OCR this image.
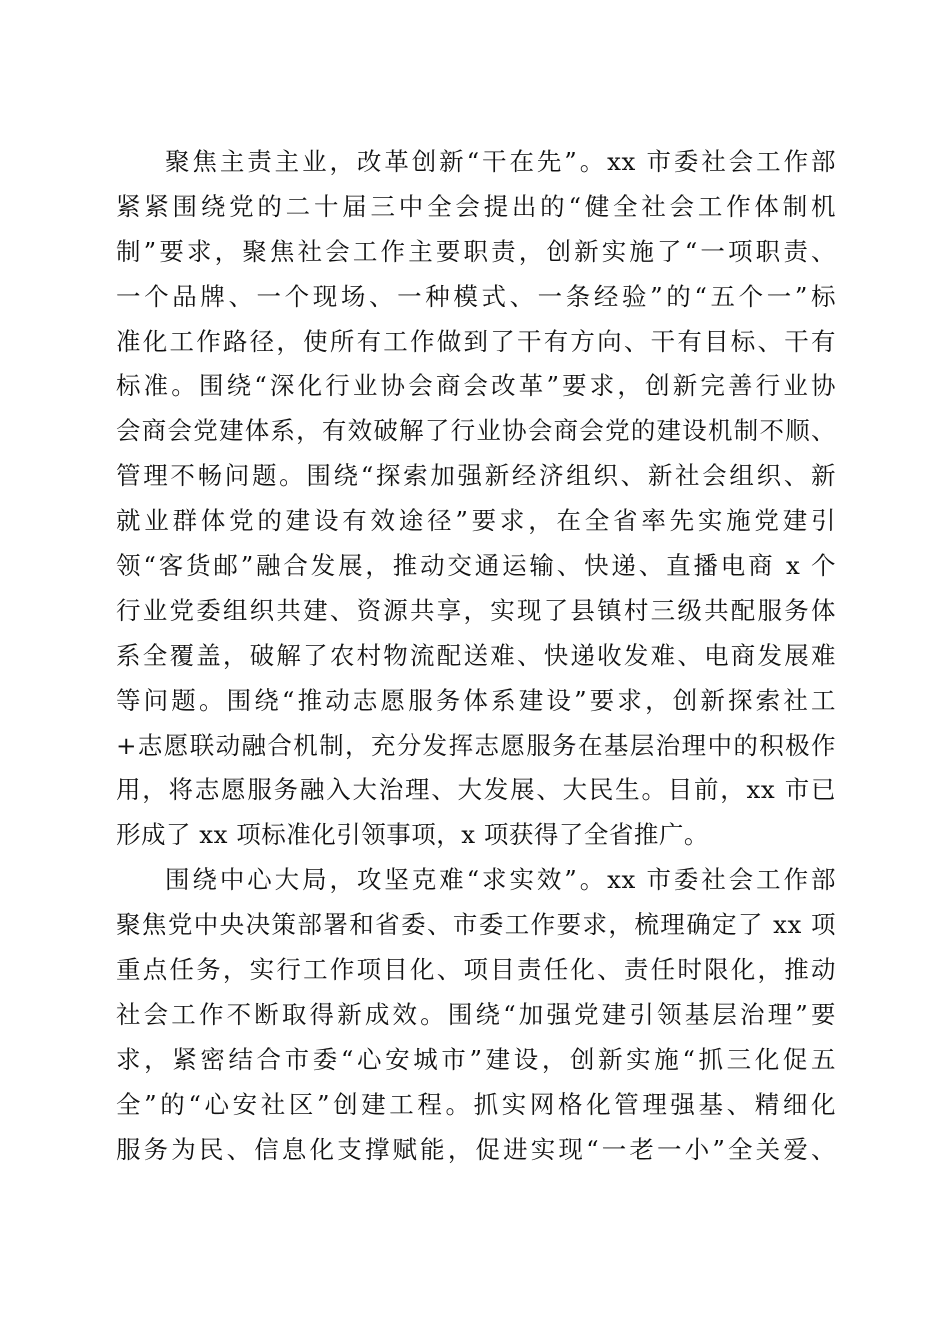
聚焦主责主业，改革创新“干在先”。xx 市委社会工作部
紧紧围绕党的二十届三中全会提出的“健全社会工作体制机
制”要求，聚焦社会工作主要职责，创新实施了“一项职责、
一个品牌、一个现场、一种模式、一条经验”的“五个一”标
准化工作路径，使所有工作做到了干有方向、干有目标、干有
标准。围绕“深化行业协会商会改革”要求，创新完善行业协
会商会党建体系，有效破解了行业协会商会党的建设机制不顺、
管理不畅问题。围绕“探索加强新经济组织、新社会组织、新
就业群体党的建设有效途径”要求，在全省率先实施党建引
领“客货邮”融合发展，推动交通运输、快递、直播电商 x 个
行业党委组织共建、资源共享，实现了县镇村三级共配服务体
系全覆盖，破解了农村物流配送难、快递收发难、电商发展难
等问题。围绕“推动志愿服务体系建设”要求，创新探索社工
+志愿联动融合机制，充分发挥志愿服务在基层治理中的积极作
用，将志愿服务融入大治理、大发展、大民生。目前，xx 市已
形成了 xx 项标准化引领事项，x 项获得了全省推广。
围绕中心大局，攻坚克难“求实效”。xx 市委社会工作部
聚焦党中央决策部署和省委、市委工作要求，梳理确定了 xx 项
重点任务，实行工作项目化、项目责任化、责任时限化，推动
社会工作不断取得新成效。围绕“加强党建引领基层治理”要
求，紧密结合市委“心安城市”建设，创新实施“抓三化促五
全”的“心安社区”创建工程。抓实网格化管理强基、精细化
服务为民、信息化支撑赋能，促进实现“一老一小”全关爱、
